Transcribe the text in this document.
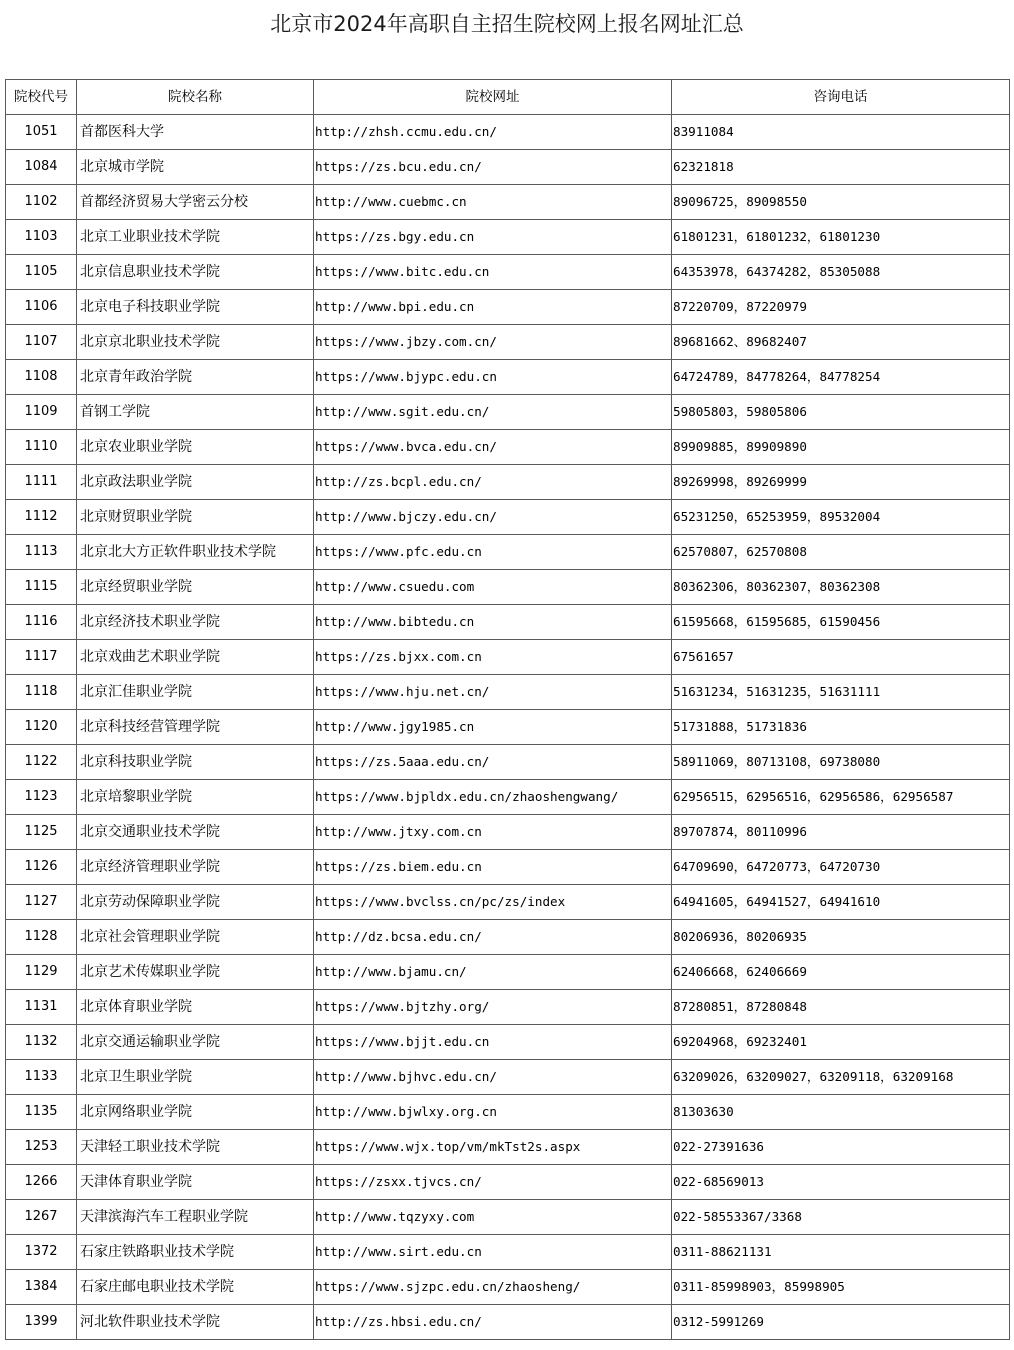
北京市2024年高职自主招生院校网上报名网址汇总
院校代号	院校名称	院校网址	咨询电话
1051	首都医科大学	http://zhsh.ccmu.edu.cn/	83911084
1084	北京城市学院	https://zs.bcu.edu.cn/	62321818
1102	首都经济贸易大学密云分校	http://www.cuebmc.cn	89096725，89098550
1103	北京工业职业技术学院	https://zs.bgy.edu.cn	61801231，61801232，61801230
1105	北京信息职业技术学院	https://www.bitc.edu.cn	64353978，64374282，85305088
1106	北京电子科技职业学院	http://www.bpi.edu.cn	87220709，87220979
1107	北京京北职业技术学院	https://www.jbzy.com.cn/	89681662、89682407
1108	北京青年政治学院	https://www.bjypc.edu.cn	64724789，84778264，84778254
1109	首钢工学院	http://www.sgit.edu.cn/	59805803，59805806
1110	北京农业职业学院	https://www.bvca.edu.cn/	89909885，89909890
1111	北京政法职业学院	http://zs.bcpl.edu.cn/	89269998，89269999
1112	北京财贸职业学院	http://www.bjczy.edu.cn/	65231250，65253959，89532004
1113	北京北大方正软件职业技术学院	https://www.pfc.edu.cn	62570807，62570808
1115	北京经贸职业学院	http://www.csuedu.com	80362306，80362307，80362308
1116	北京经济技术职业学院	http://www.bibtedu.cn	61595668，61595685，61590456
1117	北京戏曲艺术职业学院	https://zs.bjxx.com.cn	67561657
1118	北京汇佳职业学院	https://www.hju.net.cn/	51631234，51631235，51631111
1120	北京科技经营管理学院	http://www.jgy1985.cn	51731888，51731836
1122	北京科技职业学院	https://zs.5aaa.edu.cn/	58911069，80713108，69738080
1123	北京培黎职业学院	https://www.bjpldx.edu.cn/zhaoshengwang/	62956515，62956516，62956586，62956587
1125	北京交通职业技术学院	http://www.jtxy.com.cn	89707874，80110996
1126	北京经济管理职业学院	https://zs.biem.edu.cn	64709690，64720773，64720730
1127	北京劳动保障职业学院	https://www.bvclss.cn/pc/zs/index	64941605，64941527，64941610
1128	北京社会管理职业学院	http://dz.bcsa.edu.cn/	80206936，80206935
1129	北京艺术传媒职业学院	http://www.bjamu.cn/	62406668，62406669
1131	北京体育职业学院	https://www.bjtzhy.org/	87280851，87280848
1132	北京交通运输职业学院	https://www.bjjt.edu.cn	69204968，69232401
1133	北京卫生职业学院	http://www.bjhvc.edu.cn/	63209026，63209027，63209118，63209168
1135	北京网络职业学院	http://www.bjwlxy.org.cn	81303630
1253	天津轻工职业技术学院	https://www.wjx.top/vm/mkTst2s.aspx	022-27391636
1266	天津体育职业学院	https://zsxx.tjvcs.cn/	022-68569013
1267	天津滨海汽车工程职业学院	http://www.tqzyxy.com	022-58553367/3368
1372	石家庄铁路职业技术学院	http://www.sirt.edu.cn	0311-88621131
1384	石家庄邮电职业技术学院	https://www.sjzpc.edu.cn/zhaosheng/	0311-85998903，85998905
1399	河北软件职业技术学院	http://zs.hbsi.edu.cn/	0312-5991269
